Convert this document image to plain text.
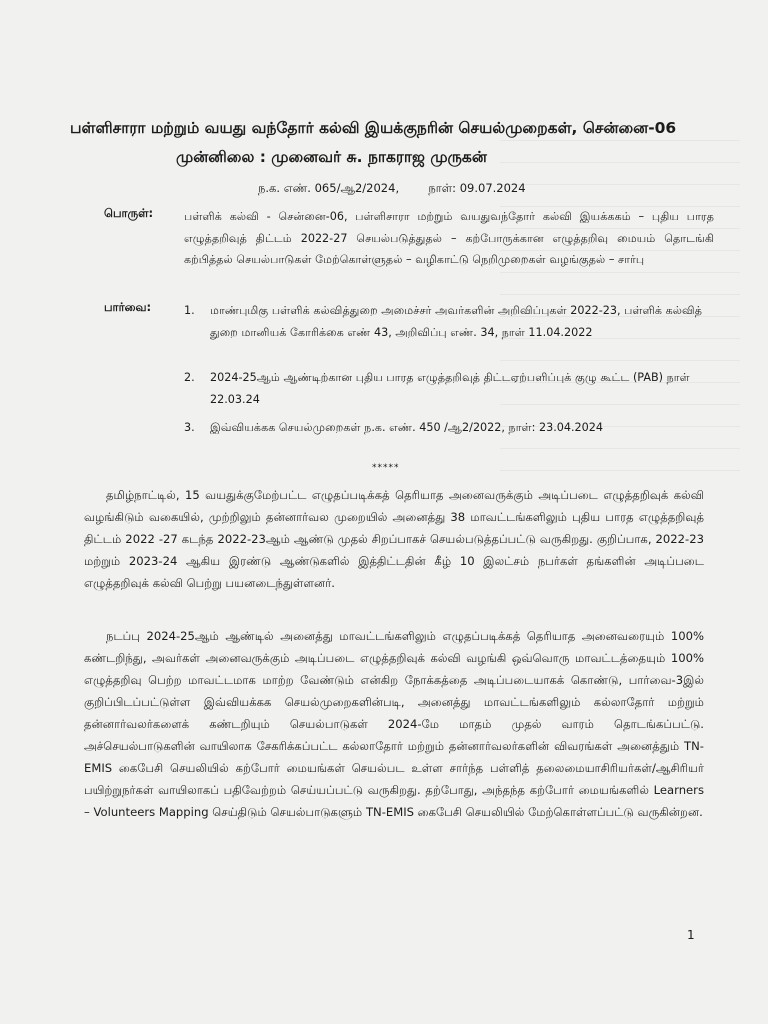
பள்ளிசாரா மற்றும் வயது வந்தோர் கல்வி இயக்குநரின் செயல்முறைகள், சென்னை-06
முன்னிலை : முனைவர் சு. நாகராஜ முருகன்
ந.க. எண். 065/ஆ2/2024,	நாள்: 09.07.2024
பொருள்:	பள்ளிக் கல்வி - சென்னை-06, பள்ளிசாரா மற்றும் வயதுவந்தோர் கல்வி இயக்ககம் – புதிய பாரத எழுத்தறிவுத் திட்டம் 2022-27 செயல்படுத்துதல் – கற்போருக்கான எழுத்தறிவு மையம் தொடங்கி கற்பித்தல் செயல்பாடுகள் மேற்கொள்ளுதல் – வழிகாட்டு நெறிமுறைகள் வழங்குதல் – சார்பு
பார்வை:	1. மாண்புமிகு பள்ளிக் கல்வித்துறை அமைச்சர் அவர்களின் அறிவிப்புகள் 2022-23, பள்ளிக் கல்வித் துறை மானியக் கோரிக்கை எண் 43, அறிவிப்பு எண். 34, நாள் 11.04.2022
2. 2024-25ஆம் ஆண்டிற்கான புதிய பாரத எழுத்தறிவுத் திட்டஏற்பளிப்புக் குழு கூட்ட (PAB) நாள் 22.03.24
3. இவ்வியக்கக செயல்முறைகள் ந.க. எண். 450 /ஆ2/2022, நாள்: 23.04.2024
*****
தமிழ்நாட்டில், 15 வயதுக்குமேற்பட்ட எழுதப்படிக்கத் தெரியாத அனைவருக்கும் அடிப்படை எழுத்தறிவுக் கல்வி வழங்கிடும் வகையில், முற்றிலும் தன்னார்வல முறையில் அனைத்து 38 மாவட்டங்களிலும் புதிய பாரத எழுத்தறிவுத் திட்டம் 2022 -27 கடந்த 2022-23ஆம் ஆண்டு முதல் சிறப்பாகச் செயல்படுத்தப்பட்டு வருகிறது. குறிப்பாக, 2022-23 மற்றும் 2023-24 ஆகிய இரண்டு ஆண்டுகளில் இத்திட்டதின் கீழ் 10 இலட்சம் நபர்கள் தங்களின் அடிப்படை எழுத்தறிவுக் கல்வி பெற்று பயனடைந்துள்ளனர்.
நடப்பு 2024-25ஆம் ஆண்டில் அனைத்து மாவட்டங்களிலும் எழுதப்படிக்கத் தெரியாத அனைவரையும் 100% கண்டறிந்து, அவர்கள் அனைவருக்கும் அடிப்படை எழுத்தறிவுக் கல்வி வழங்கி ஒவ்வொரு மாவட்டத்தையும் 100% எழுத்தறிவு பெற்ற மாவட்டமாக மாற்ற வேண்டும் என்கிற நோக்கத்தை அடிப்படையாகக் கொண்டு, பார்வை-3இல் குறிப்பிடப்பட்டுள்ள இவ்வியக்கக செயல்முறைகளின்படி, அனைத்து மாவட்டங்களிலும் கல்லாதோர் மற்றும் தன்னார்வலர்களைக் கண்டறியும் செயல்பாடுகள் 2024-மே மாதம் முதல் வாரம் தொடங்கப்பட்டு. அச்செயல்பாடுகளின் வாயிலாக சேகரிக்கப்பட்ட கல்லாதோர் மற்றும் தன்னார்வலர்களின் விவரங்கள் அனைத்தும் TN-EMIS கைபேசி செயலியில் கற்போர் மையங்கள் செயல்பட உள்ள சார்ந்த பள்ளித் தலைமையாசிரியர்கள்/ஆசிரியர் பயிற்றுநர்கள் வாயிலாகப் பதிவேற்றம் செய்யப்பட்டு வருகிறது. தற்போது, அந்தந்த கற்போர் மையங்களில் Learners – Volunteers Mapping செய்திடும் செயல்பாடுகளும் TN-EMIS கைபேசி செயலியில் மேற்கொள்ளப்பட்டு வருகின்றன.
1
